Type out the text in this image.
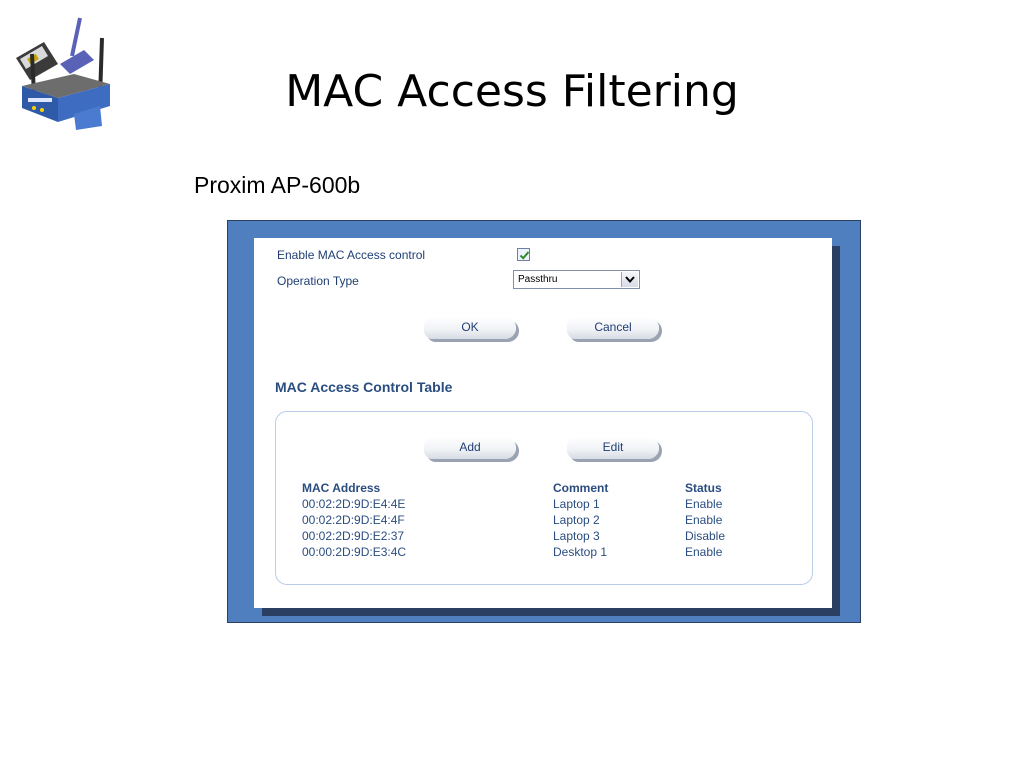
MAC Access Filtering
Proxim AP-600b
Enable MAC Access control
Operation Type	Passthru
OK	Cancel
MAC Access Control Table
Add	Edit
MAC Address	Comment	Status
00:02:2D:9D:E4:4E	Laptop 1	Enable
00:02:2D:9D:E4:4F	Laptop 2	Enable
00:02:2D:9D:E2:37	Laptop 3	Disable
00:00:2D:9D:E3:4C	Desktop 1	Enable
